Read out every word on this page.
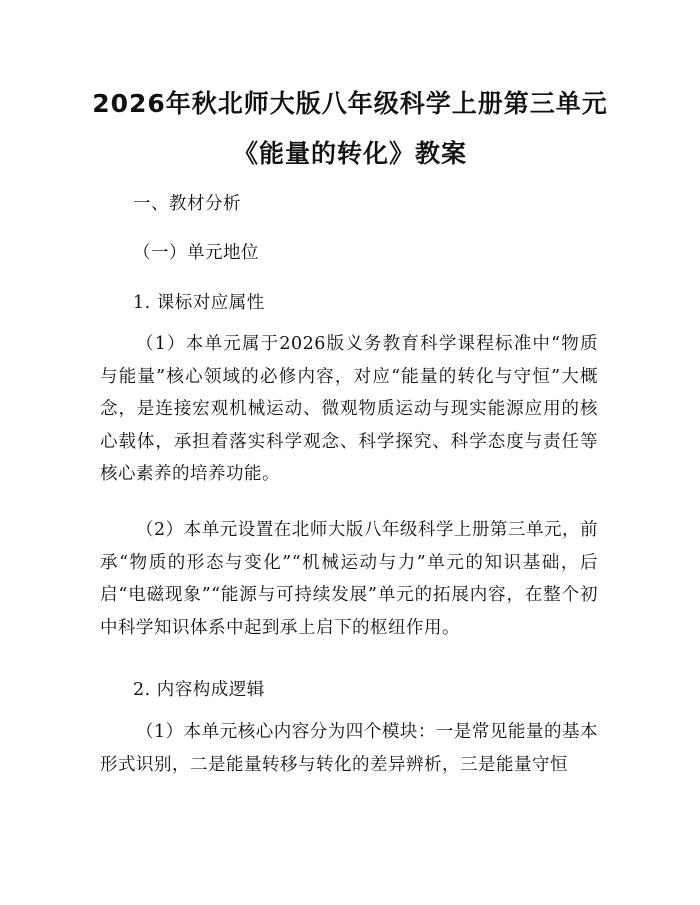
2026年秋北师大版八年级科学上册第三单元
《能量的转化》教案
一、教材分析
（一）单元地位
1. 课标对应属性
（1）本单元属于2026版义务教育科学课程标准中“物质与能量”核心领域的必修内容，对应“能量的转化与守恒”大概念，是连接宏观机械运动、微观物质运动与现实能源应用的核心载体，承担着落实科学观念、科学探究、科学态度与责任等核心素养的培养功能。
（2）本单元设置在北师大版八年级科学上册第三单元，前承“物质的形态与变化”“机械运动与力”单元的知识基础，后启“电磁现象”“能源与可持续发展”单元的拓展内容，在整个初中科学知识体系中起到承上启下的枢纽作用。
2. 内容构成逻辑
（1）本单元核心内容分为四个模块：一是常见能量的基本形式识别，二是能量转移与转化的差异辨析，三是能量守恒
